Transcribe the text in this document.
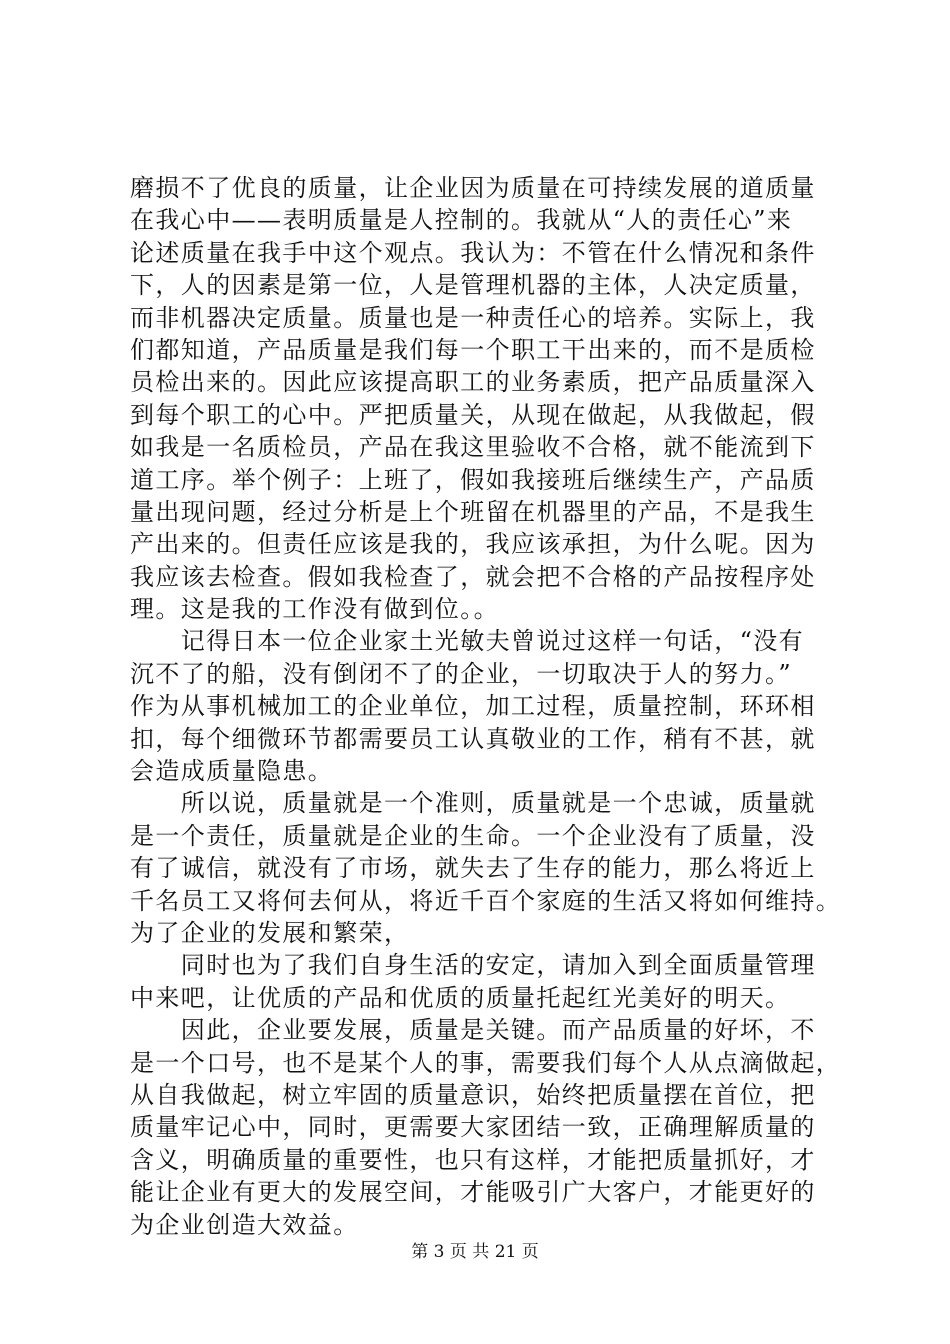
磨损不了优良的质量，让企业因为质量在可持续发展的道质量
在我心中——表明质量是人控制的。我就从“人的责任心”来
论述质量在我手中这个观点。我认为：不管在什么情况和条件
下，人的因素是第一位，人是管理机器的主体，人决定质量，
而非机器决定质量。质量也是一种责任心的培养。实际上，我
们都知道，产品质量是我们每一个职工干出来的，而不是质检
员检出来的。因此应该提高职工的业务素质，把产品质量深入
到每个职工的心中。严把质量关，从现在做起，从我做起，假
如我是一名质检员，产品在我这里验收不合格，就不能流到下
道工序。举个例子：上班了，假如我接班后继续生产，产品质
量出现问题，经过分析是上个班留在机器里的产品，不是我生
产出来的。但责任应该是我的，我应该承担，为什么呢。因为
我应该去检查。假如我检查了，就会把不合格的产品按程序处
理。这是我的工作没有做到位。。
　　记得日本一位企业家土光敏夫曾说过这样一句话，“没有
沉不了的船，没有倒闭不了的企业，一切取决于人的努力。”
作为从事机械加工的企业单位，加工过程，质量控制，环环相
扣，每个细微环节都需要员工认真敬业的工作，稍有不甚，就
会造成质量隐患。
　　所以说，质量就是一个准则，质量就是一个忠诚，质量就
是一个责任，质量就是企业的生命。一个企业没有了质量，没
有了诚信，就没有了市场，就失去了生存的能力，那么将近上
千名员工又将何去何从，将近千百个家庭的生活又将如何维持。
为了企业的发展和繁荣，
　　同时也为了我们自身生活的安定，请加入到全面质量管理
中来吧，让优质的产品和优质的质量托起红光美好的明天。
　　因此，企业要发展，质量是关键。而产品质量的好坏，不
是一个口号，也不是某个人的事，需要我们每个人从点滴做起，
从自我做起，树立牢固的质量意识，始终把质量摆在首位，把
质量牢记心中，同时，更需要大家团结一致，正确理解质量的
含义，明确质量的重要性，也只有这样，才能把质量抓好，才
能让企业有更大的发展空间，才能吸引广大客户，才能更好的
为企业创造大效益。
第 3 页 共 21 页
